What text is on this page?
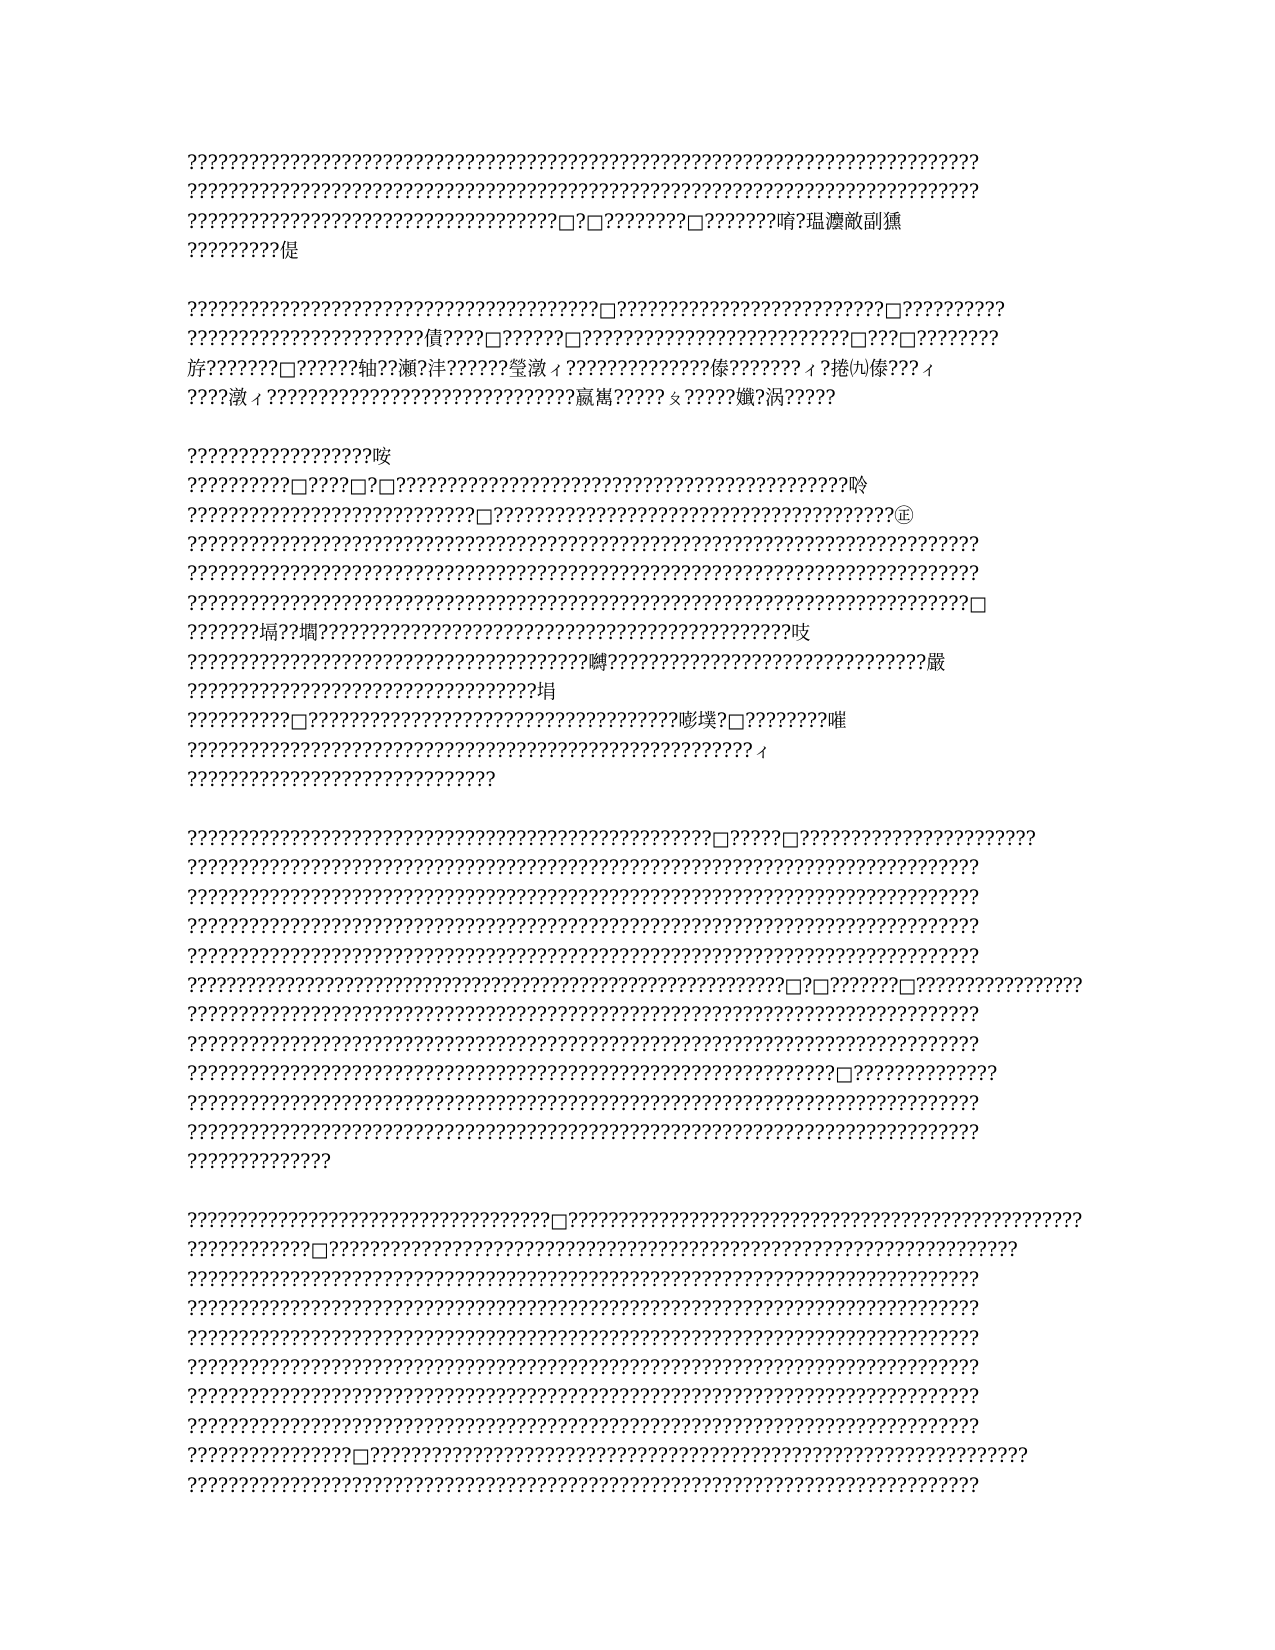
?????????????????????????????????????????????????????????????????????????????
?????????????????????????????????????????????????????????????????????????????
????????????????????????????????????□?□????????□???????唷?瑥灋敵副獯
?????????偍
????????????????????????????????????????□??????????????????????????□??????????
???????????????????????債????□??????□??????????????????????????□???□????????
斿???????□??????轴??瀬?沣??????瑩潡ィ??????????????傣???????ィ?捲㈨傣???ィ
????潡ィ??????????????????????????????嬴嶲?????ㄆ?????孅?涡?????
??????????????????咹
??????????□????□?□????????????????????????????????????????????唥
????????????????????????????□???????????????????????????????????????㊣
?????????????????????????????????????????????????????????????????????????????
?????????????????????????????????????????????????????????????????????????????
????????????????????????????????????????????????????????????????????????????□
???????塥??壛??????????????????????????????????????????????吱
???????????????????????????????????????嚩???????????????????????????????嚴
??????????????????????????????????埍
??????????□????????????????????????????????????嘭墣?□????????嗺
???????????????????????????????????????????????????????ィ
??????????????????????????????
???????????????????????????????????????????????????□?????□???????????????????????
?????????????????????????????????????????????????????????????????????????????
?????????????????????????????????????????????????????????????????????????????
?????????????????????????????????????????????????????????????????????????????
?????????????????????????????????????????????????????????????????????????????
?????????????????????????????????????????????????????????????□?□???????□?????????????????
?????????????????????????????????????????????????????????????????????????????
?????????????????????????????????????????????????????????????????????????????
???????????????????????????????????????????????????????????????□??????????????
?????????????????????????????????????????????????????????????????????????????
?????????????????????????????????????????????????????????????????????????????
??????????????
????????????????????????????????????□???????????????????????????????????????????????????
????????????□???????????????????????????????????????????????????????????????????
?????????????????????????????????????????????????????????????????????????????
?????????????????????????????????????????????????????????????????????????????
?????????????????????????????????????????????????????????????????????????????
?????????????????????????????????????????????????????????????????????????????
?????????????????????????????????????????????????????????????????????????????
?????????????????????????????????????????????????????????????????????????????
????????????????□????????????????????????????????????????????????????????????????
?????????????????????????????????????????????????????????????????????????????
